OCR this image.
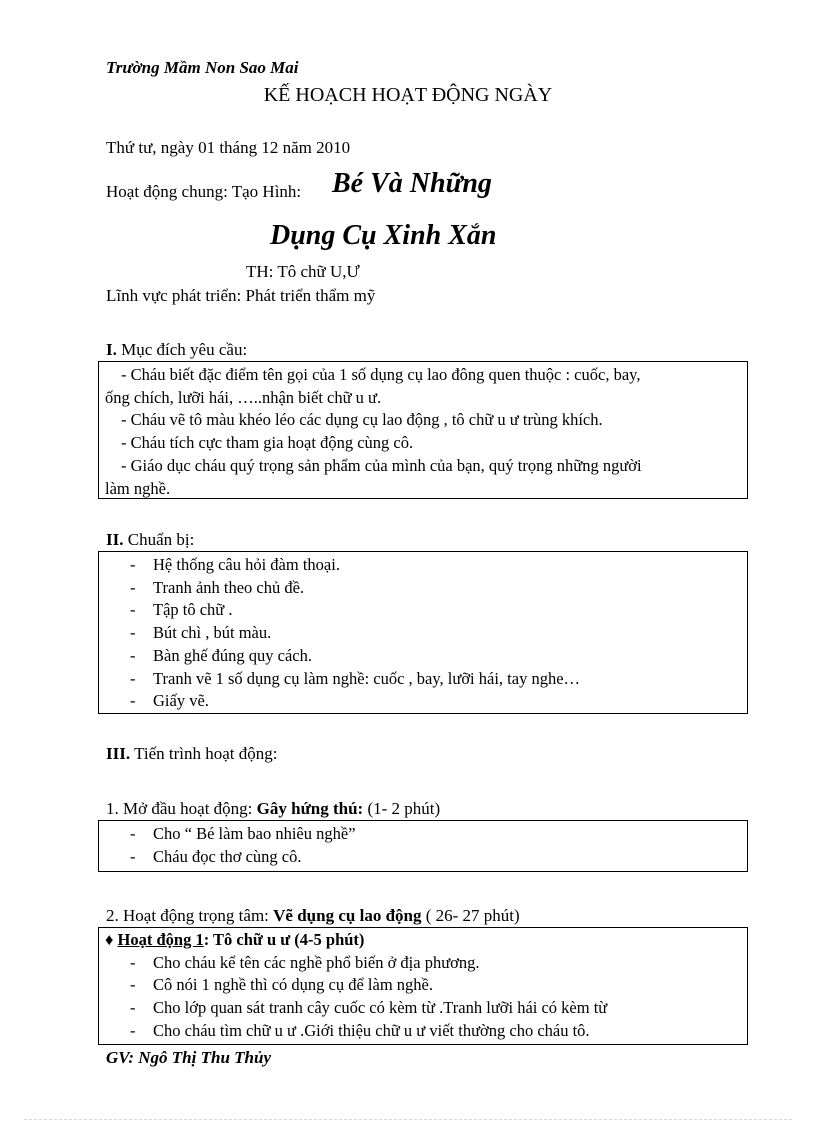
Trường Mầm Non Sao Mai
KẾ HOẠCH HOẠT ĐỘNG NGÀY
Thứ tư, ngày 01 tháng 12 năm 2010
Hoạt động chung: Tạo Hình: Bé Và Những
Dụng Cụ Xinh Xắn
TH: Tô chữ U,Ư
Lĩnh vực phát triển: Phát triển thẩm mỹ
I. Mục đích yêu cầu:

- Cháu biết đặc điểm tên gọi của 1 số dụng cụ lao đông quen thuộc : cuốc, bay,

ống chích, lưỡi hái, …..nhận biết chữ u ư.

- Cháu vẽ tô màu khéo léo các dụng cụ lao động , tô chữ u ư trùng khích.

- Cháu tích cực tham gia hoạt động cùng cô.

- Giáo dục cháu quý trọng sản phẩm của mình của bạn, quý trọng những người

làm nghề.

II. Chuẩn bị:
- Hệ thống câu hỏi đàm thoại.
- Tranh ảnh theo chủ đề.
- Tập tô chữ .
- Bút chì , bút màu.
- Bàn ghế đúng quy cách.
- Tranh vẽ 1 số dụng cụ làm nghề: cuốc , bay, lưỡi hái, tay nghe…
- Giấy vẽ.
III. Tiến trình hoạt động:
1. Mở đầu hoạt động: Gây hứng thú: (1- 2 phút)
- Cho “ Bé làm bao nhiêu nghề”
- Cháu đọc thơ cùng cô.
2. Hoạt động trọng tâm: Vẽ dụng cụ lao động ( 26- 27 phút)

♦ Hoạt động 1: Tô chữ u ư (4-5 phút)

- Cho cháu kể tên các nghề phổ biến ở địa phương.
- Cô nói 1 nghề thì có dụng cụ để làm nghề.
- Cho lớp quan sát tranh cây cuốc có kèm từ .Tranh lưỡi hái có kèm từ
- Cho cháu tìm chữ u ư .Giới thiệu chữ u ư viết thường cho cháu tô.
GV: Ngô Thị Thu Thủy
